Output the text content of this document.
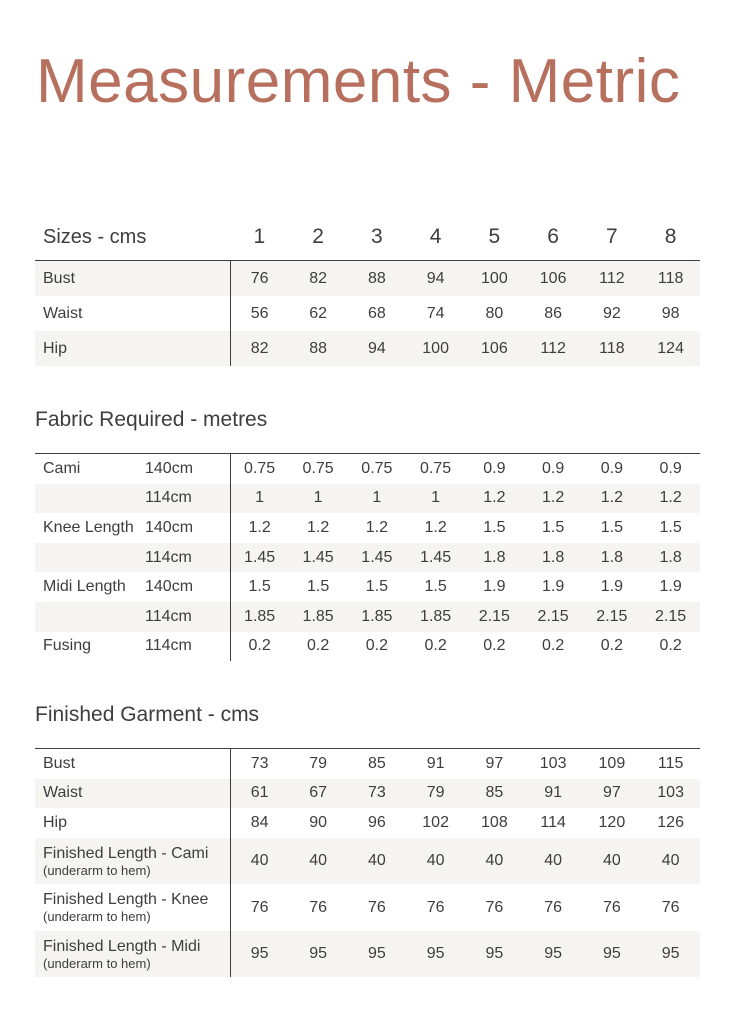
Measurements - Metric
Sizes - cms	1	2	3	4	5	6	7	8
Bust	76	82	88	94	100	106	112	118
Waist	56	62	68	74	80	86	92	98
Hip	82	88	94	100	106	112	118	124
Fabric Required - metres
Cami	140cm	0.75	0.75	0.75	0.75	0.9	0.9	0.9	0.9
	114cm	1	1	1	1	1.2	1.2	1.2	1.2
Knee Length	140cm	1.2	1.2	1.2	1.2	1.5	1.5	1.5	1.5
	114cm	1.45	1.45	1.45	1.45	1.8	1.8	1.8	1.8
Midi Length	140cm	1.5	1.5	1.5	1.5	1.9	1.9	1.9	1.9
	114cm	1.85	1.85	1.85	1.85	2.15	2.15	2.15	2.15
Fusing	114cm	0.2	0.2	0.2	0.2	0.2	0.2	0.2	0.2
Finished Garment - cms
Bust	73	79	85	91	97	103	109	115
Waist	61	67	73	79	85	91	97	103
Hip	84	90	96	102	108	114	120	126

Finished Length - Cami
(underarm to hem)	40	40	40	40	40	40	40	40

Finished Length - Knee
(underarm to hem)	76	76	76	76	76	76	76	76

Finished Length - Midi
(underarm to hem)	95	95	95	95	95	95	95	95
